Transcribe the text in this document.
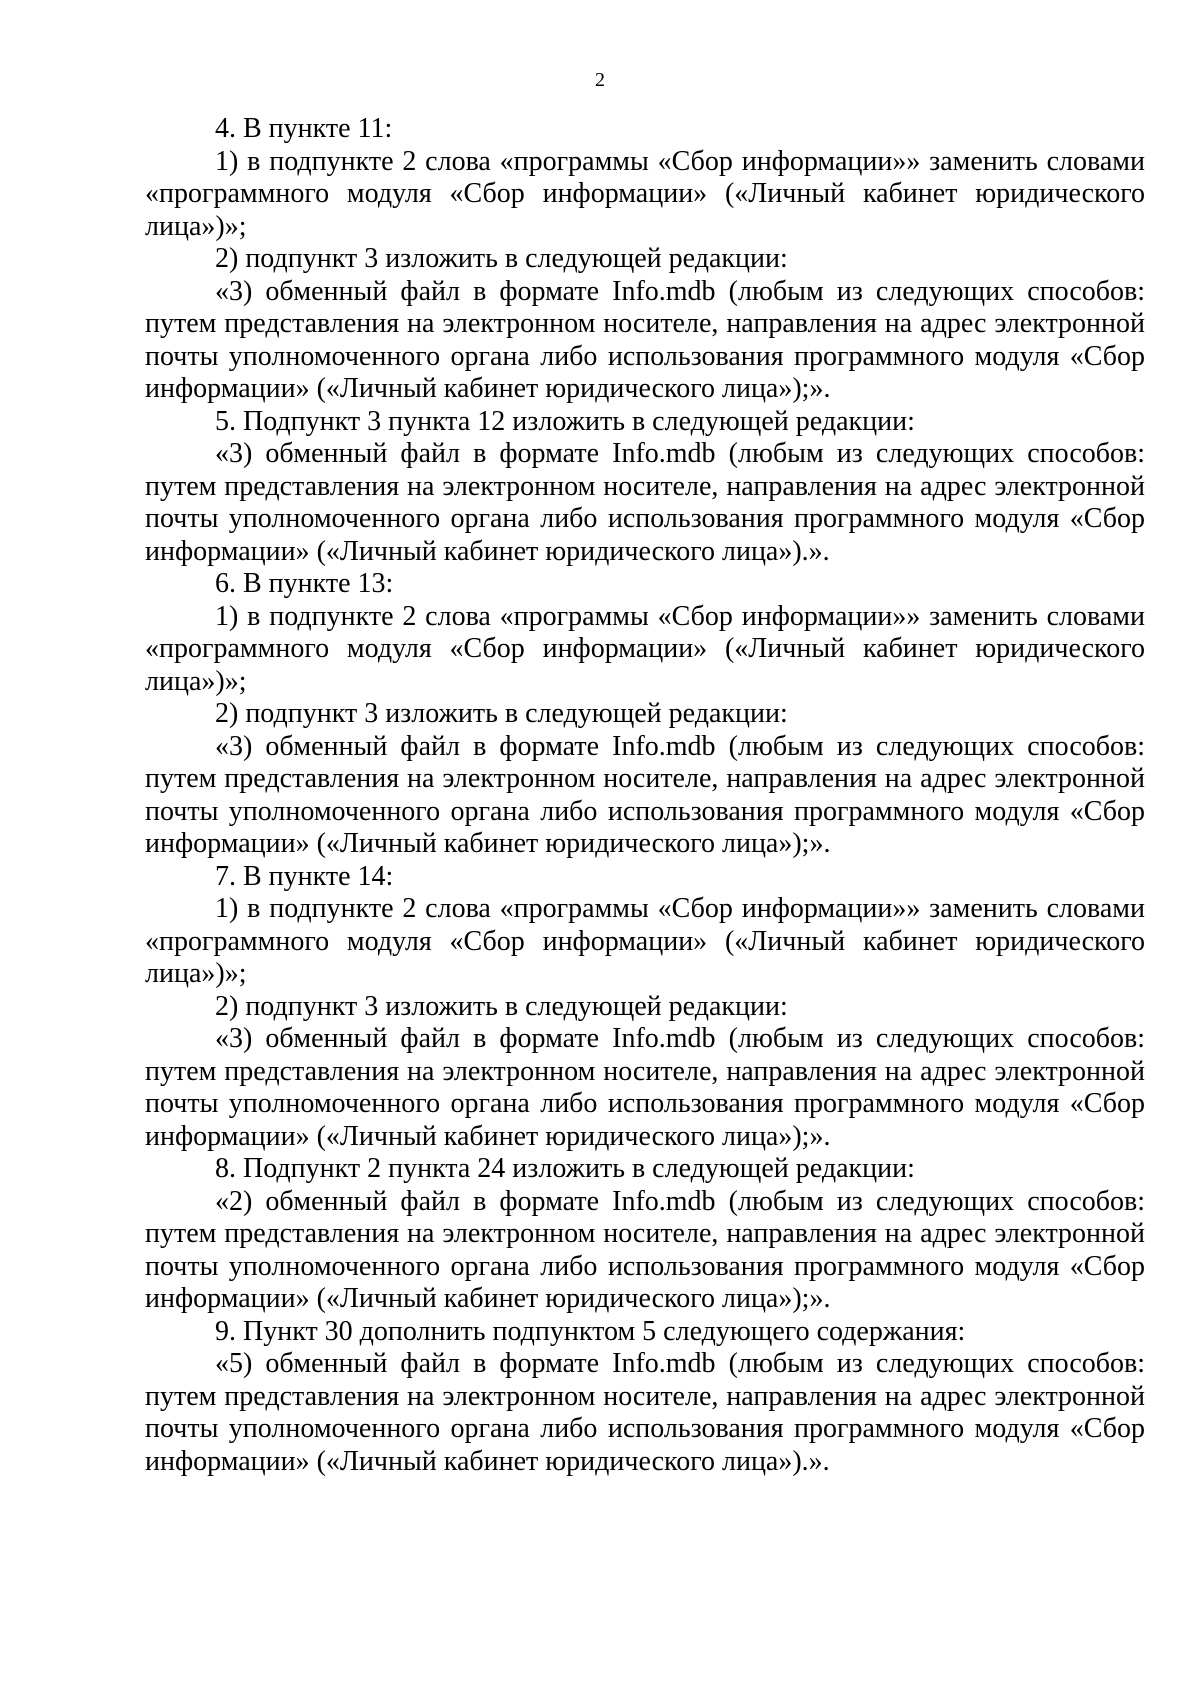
2

4. В пункте 11:

1) в подпункте 2 слова «программы «Сбор информации»» заменить словами «программного модуля «Сбор информации» («Личный кабинет юридического лица»)»;

2) подпункт 3 изложить в следующей редакции:

«3) обменный файл в формате Info.mdb (любым из следующих способов: путем представления на электронном носителе, направления на адрес электронной почты уполномоченного органа либо использования программного модуля «Сбор информации» («Личный кабинет юридического лица»);».

5. Подпункт 3 пункта 12 изложить в следующей редакции:

«3) обменный файл в формате Info.mdb (любым из следующих способов: путем представления на электронном носителе, направления на адрес электронной почты уполномоченного органа либо использования программного модуля «Сбор информации» («Личный кабинет юридического лица»).».

6. В пункте 13:

1) в подпункте 2 слова «программы «Сбор информации»» заменить словами «программного модуля «Сбор информации» («Личный кабинет юридического лица»)»;

2) подпункт 3 изложить в следующей редакции:

«3) обменный файл в формате Info.mdb (любым из следующих способов: путем представления на электронном носителе, направления на адрес электронной почты уполномоченного органа либо использования программного модуля «Сбор информации» («Личный кабинет юридического лица»);».

7. В пункте 14:

1) в подпункте 2 слова «программы «Сбор информации»» заменить словами «программного модуля «Сбор информации» («Личный кабинет юридического лица»)»;

2) подпункт 3 изложить в следующей редакции:

«3) обменный файл в формате Info.mdb (любым из следующих способов: путем представления на электронном носителе, направления на адрес электронной почты уполномоченного органа либо использования программного модуля «Сбор информации» («Личный кабинет юридического лица»);».

8. Подпункт 2 пункта 24 изложить в следующей редакции:

«2) обменный файл в формате Info.mdb (любым из следующих способов: путем представления на электронном носителе, направления на адрес электронной почты уполномоченного органа либо использования программного модуля «Сбор информации» («Личный кабинет юридического лица»);».

9. Пункт 30 дополнить подпунктом 5 следующего содержания:

«5) обменный файл в формате Info.mdb (любым из следующих способов: путем представления на электронном носителе, направления на адрес электронной почты уполномоченного органа либо использования программного модуля «Сбор информации» («Личный кабинет юридического лица»).».
